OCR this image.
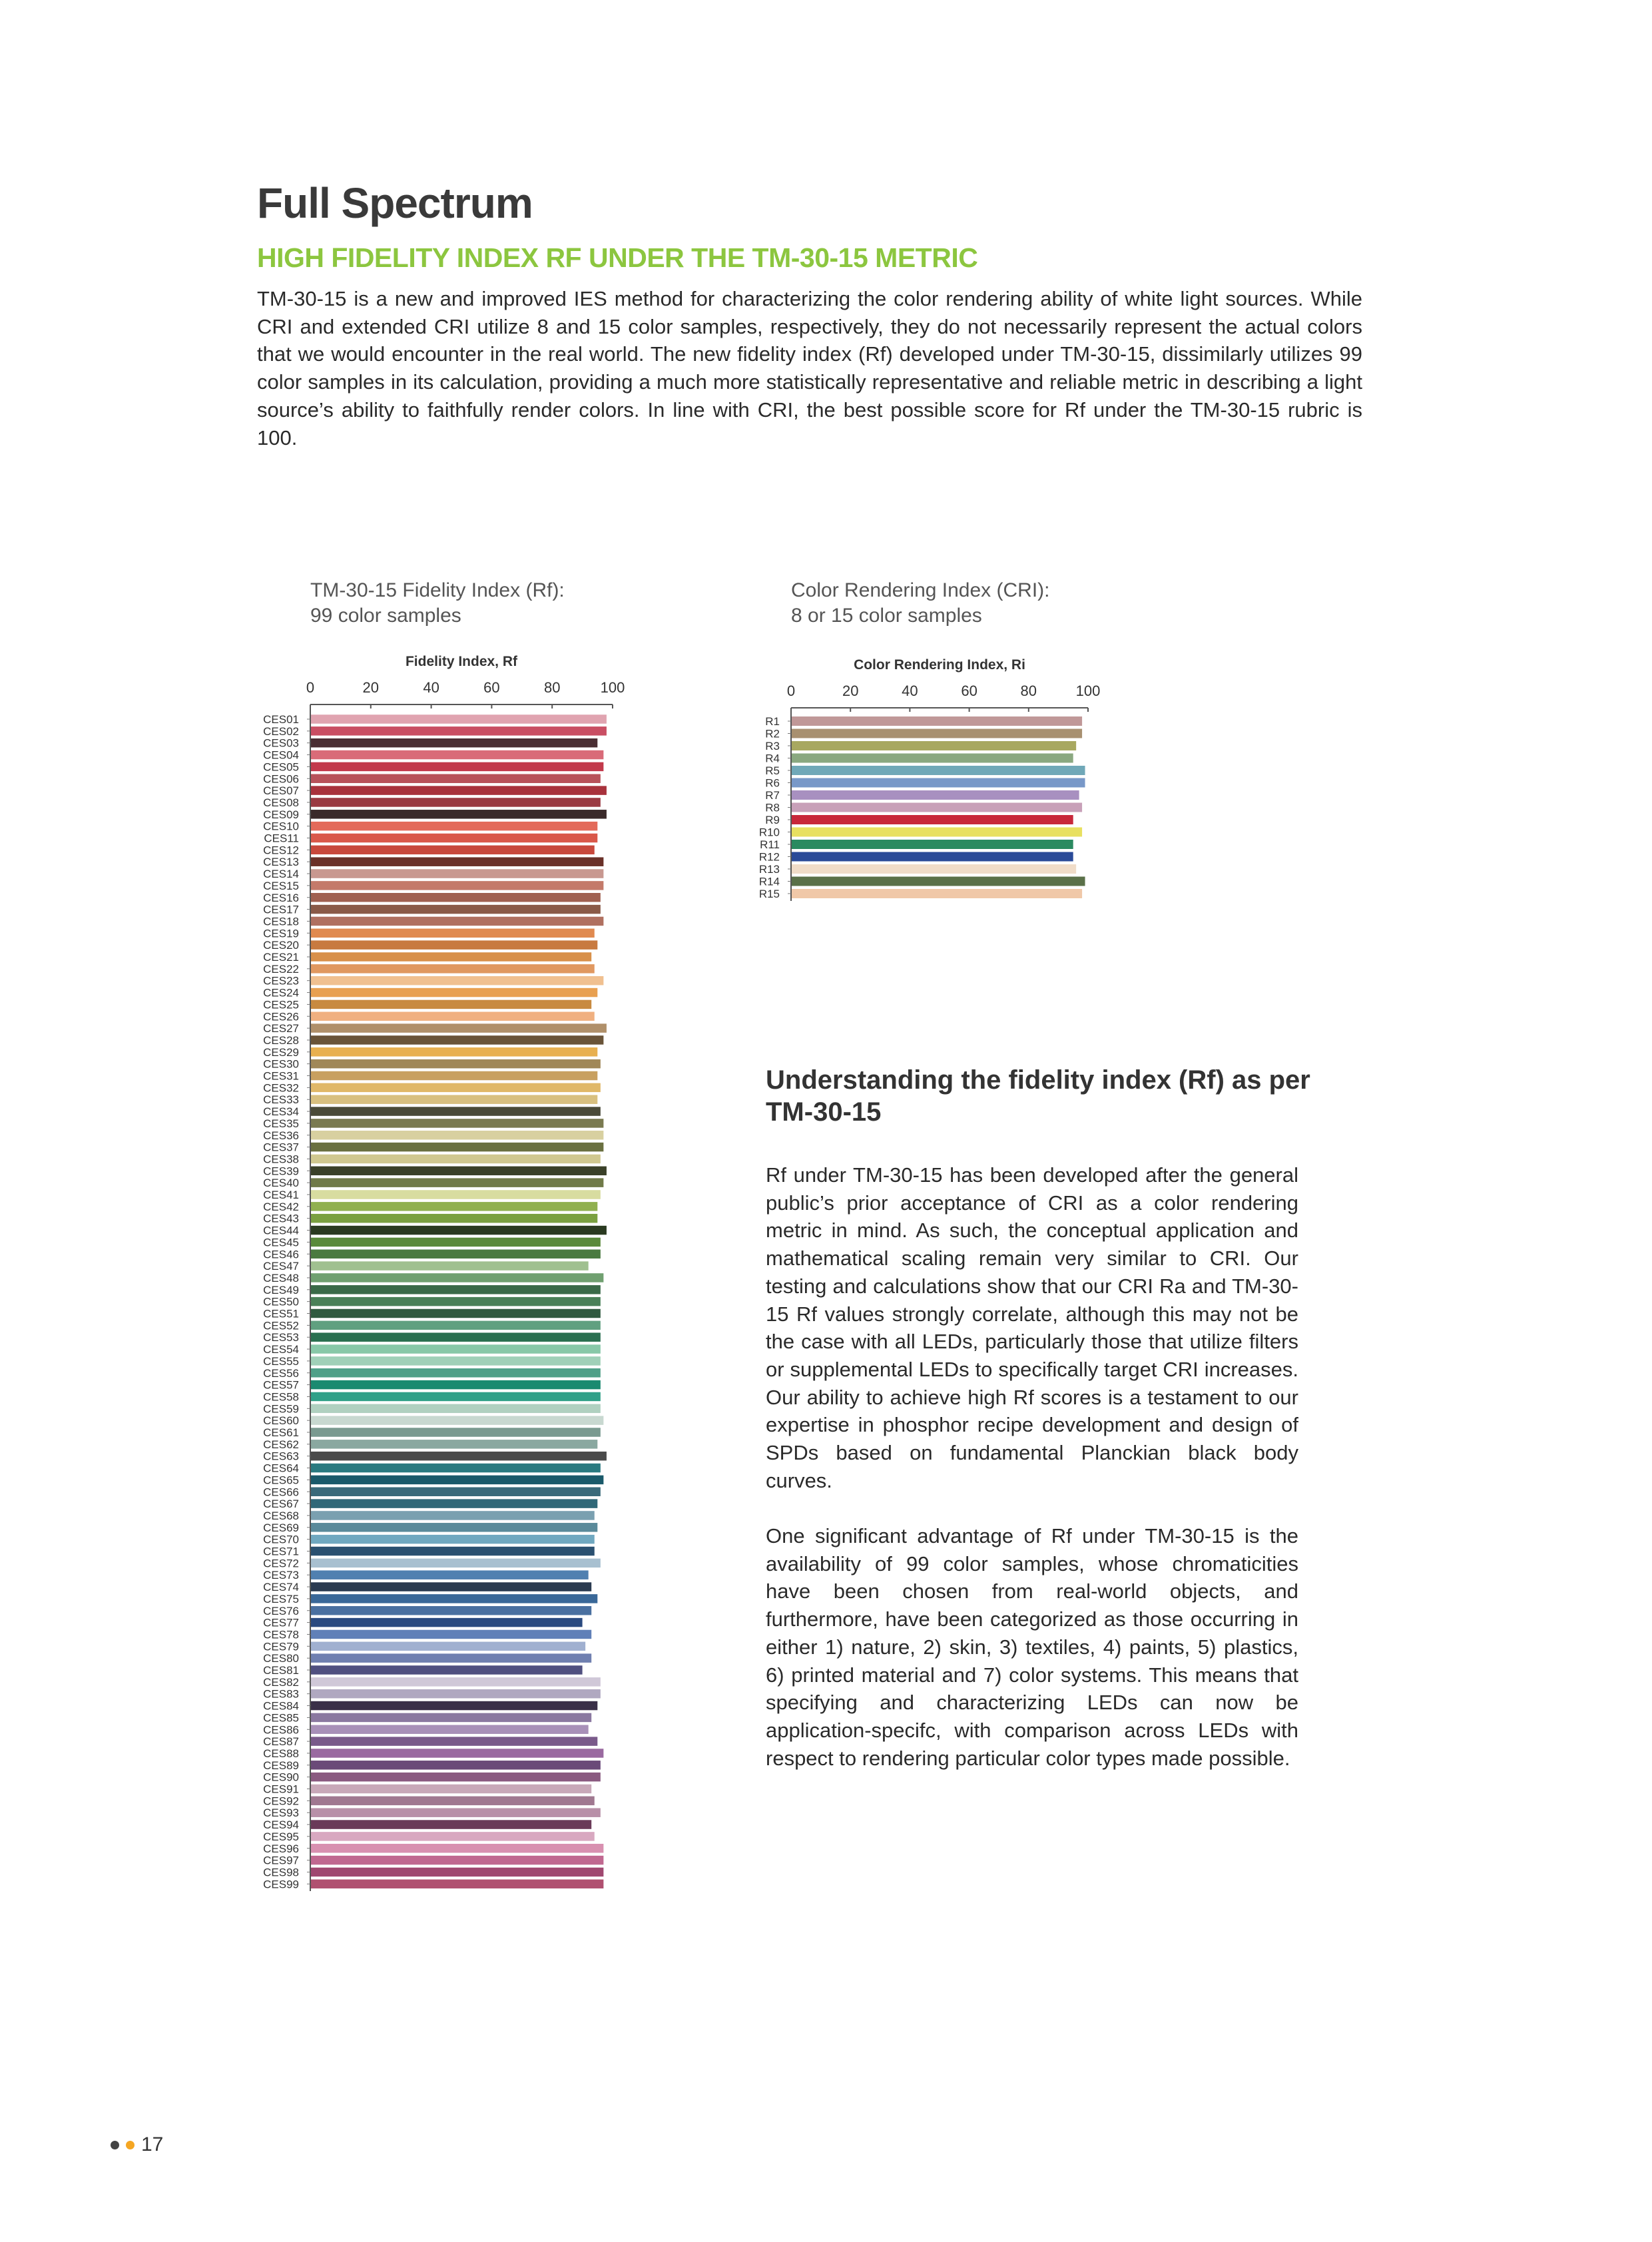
Full Spectrum
HIGH FIDELITY INDEX RF UNDER THE TM-30-15 METRIC
TM-30-15 is a new and improved IES method for characterizing the color rendering ability of white light sources. While CRI and extended CRI utilize 8 and 15 color samples, respectively, they do not necessarily represent the actual colors that we would encounter in the real world. The new fidelity index (Rf) developed under TM-30-15, dissimilarly utilizes 99 color samples in its calculation, providing a much more statistically representative and reliable metric in describing a light source’s ability to faithfully render colors. In line with CRI, the best possible score for Rf under the TM-30-15 rubric is 100.
TM-30-15 Fidelity Index (Rf):
99 color samples
Color Rendering Index (CRI):
8 or 15 color samples
Fidelity Index, Rf
0	20	40	60	80	100
CES01
CES02
CES03
CES04
CES05
CES06
CES07
CES08
CES09
CES10
CES11
CES12
CES13
CES14
CES15
CES16
CES17
CES18
CES19
CES20
CES21
CES22
CES23
CES24
CES25
CES26
CES27
CES28
CES29
CES30
CES31
CES32
CES33
CES34
CES35
CES36
CES37
CES38
CES39
CES40
CES41
CES42
CES43
CES44
CES45
CES46
CES47
CES48
CES49
CES50
CES51
CES52
CES53
CES54
CES55
CES56
CES57
CES58
CES59
CES60
CES61
CES62
CES63
CES64
CES65
CES66
CES67
CES68
CES69
CES70
CES71
CES72
CES73
CES74
CES75
CES76
CES77
CES78
CES79
CES80
CES81
CES82
CES83
CES84
CES85
CES86
CES87
CES88
CES89
CES90
CES91
CES92
CES93
CES94
CES95
CES96
CES97
CES98
CES99
Color Rendering Index, Ri
0	20	40	60	80	100
R1
R2
R3
R4
R5
R6
R7
R8
R9
R10
R11
R12
R13
R14
R15
Understanding the fidelity index (Rf) as per TM-30-15
Rf under TM-30-15 has been developed after the general public’s prior acceptance of CRI as a color rendering metric in mind. As such, the conceptual application and mathematical scaling remain very similar to CRI. Our testing and calculations show that our CRI Ra and TM-30-15 Rf values strongly correlate, although this may not be the case with all LEDs, particularly those that utilize filters or supplemental LEDs to specifically target CRI increases. Our ability to achieve high Rf scores is a testament to our expertise in phosphor recipe development and design of SPDs based on fundamental Planckian black body curves.
One significant advantage of Rf under TM-30-15 is the availability of 99 color samples, whose chromaticities have been chosen from real-world objects, and furthermore, have been categorized as those occurring in either 1) nature, 2) skin, 3) textiles, 4) paints, 5) plastics, 6) printed material and 7) color systems. This means that specifying and characterizing LEDs can now be application-specifc, with comparison across LEDs with respect to rendering particular color types made possible.
17
